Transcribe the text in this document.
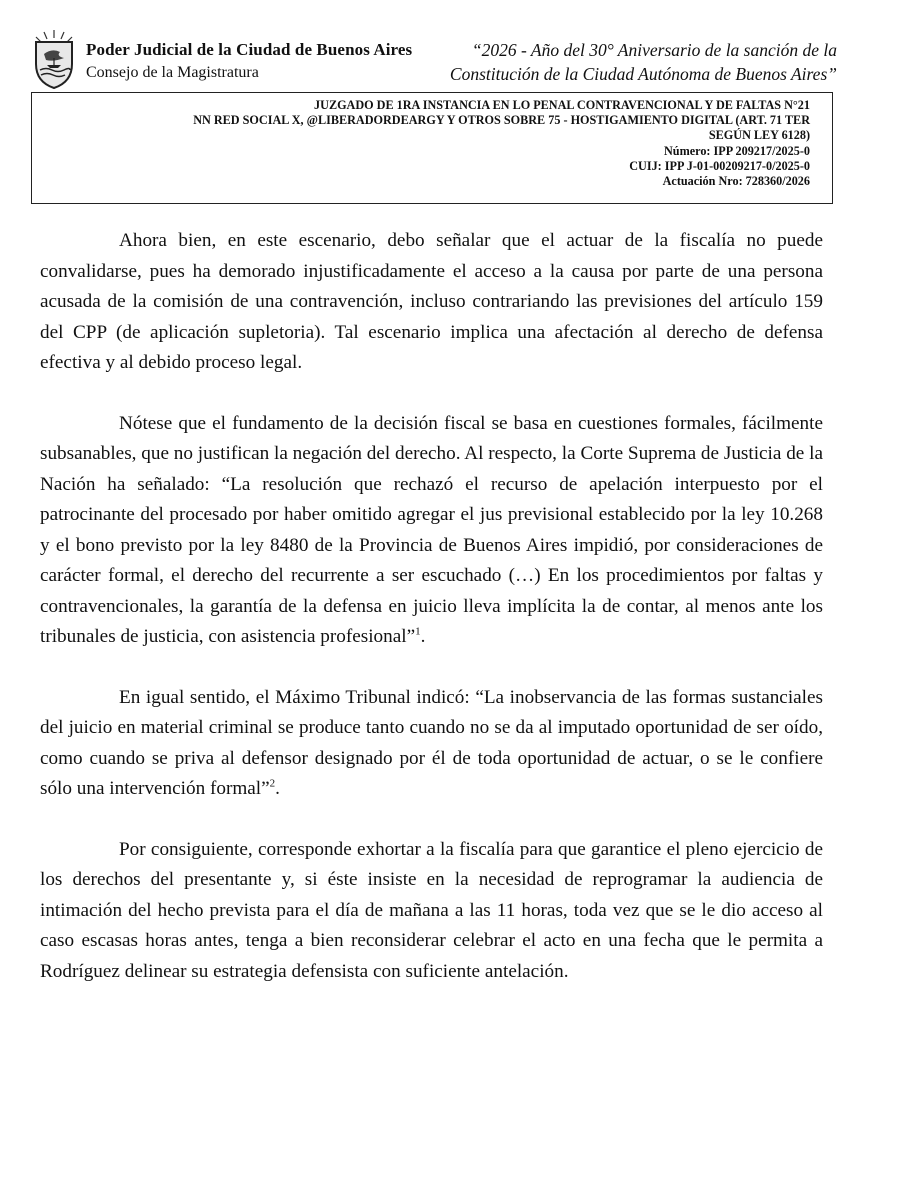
Poder Judicial de la Ciudad de Buenos Aires
Consejo de la Magistratura
“2026 - Año del 30° Aniversario de la sanción de la
Constitución de la Ciudad Autónoma de Buenos Aires”
JUZGADO DE 1RA INSTANCIA EN LO PENAL CONTRAVENCIONAL Y DE FALTAS N°21
NN RED SOCIAL X, @LIBERADORDEARGY Y OTROS SOBRE 75 - HOSTIGAMIENTO DIGITAL (ART. 71 TER
SEGÚN LEY 6128)
Número: IPP 209217/2025-0
CUIJ: IPP J-01-00209217-0/2025-0
Actuación Nro: 728360/2026

Ahora bien, en este escenario, debo señalar que el actuar de la fiscalía no puede convalidarse, pues ha demorado injustificadamente el acceso a la causa por parte de una persona acusada de la comisión de una contravención, incluso contrariando las previsiones del artículo 159 del CPP (de aplicación supletoria). Tal escenario implica una afectación al derecho de defensa efectiva y al debido proceso legal.

Nótese que el fundamento de la decisión fiscal se basa en cuestiones formales, fácilmente subsanables, que no justifican la negación del derecho. Al respecto, la Corte Suprema de Justicia de la Nación ha señalado: “La resolución que rechazó el recurso de apelación interpuesto por el patrocinante del procesado por haber omitido agregar el jus previsional establecido por la ley 10.268 y el bono previsto por la ley 8480 de la Provincia de Buenos Aires impidió, por consideraciones de carácter formal, el derecho del recurrente a ser escuchado (…) En los procedimientos por faltas y contravencionales, la garantía de la defensa en juicio lleva implícita la de contar, al menos ante los tribunales de justicia, con asistencia profesional”$^1$.

En igual sentido, el Máximo Tribunal indicó: “La inobservancia de las formas sustanciales del juicio en material criminal se produce tanto cuando no se da al imputado oportunidad de ser oído, como cuando se priva al defensor designado por él de toda oportunidad de actuar, o se le confiere sólo una intervención formal”$^2$.

Por consiguiente, corresponde exhortar a la fiscalía para que garantice el pleno ejercicio de los derechos del presentante y, si éste insiste en la necesidad de reprogramar la audiencia de intimación del hecho prevista para el día de mañana a las 11 horas, toda vez que se le dio acceso al caso escasas horas antes, tenga a bien reconsiderar celebrar el acto en una fecha que le permita a Rodríguez delinear su estrategia defensista con suficiente antelación.
